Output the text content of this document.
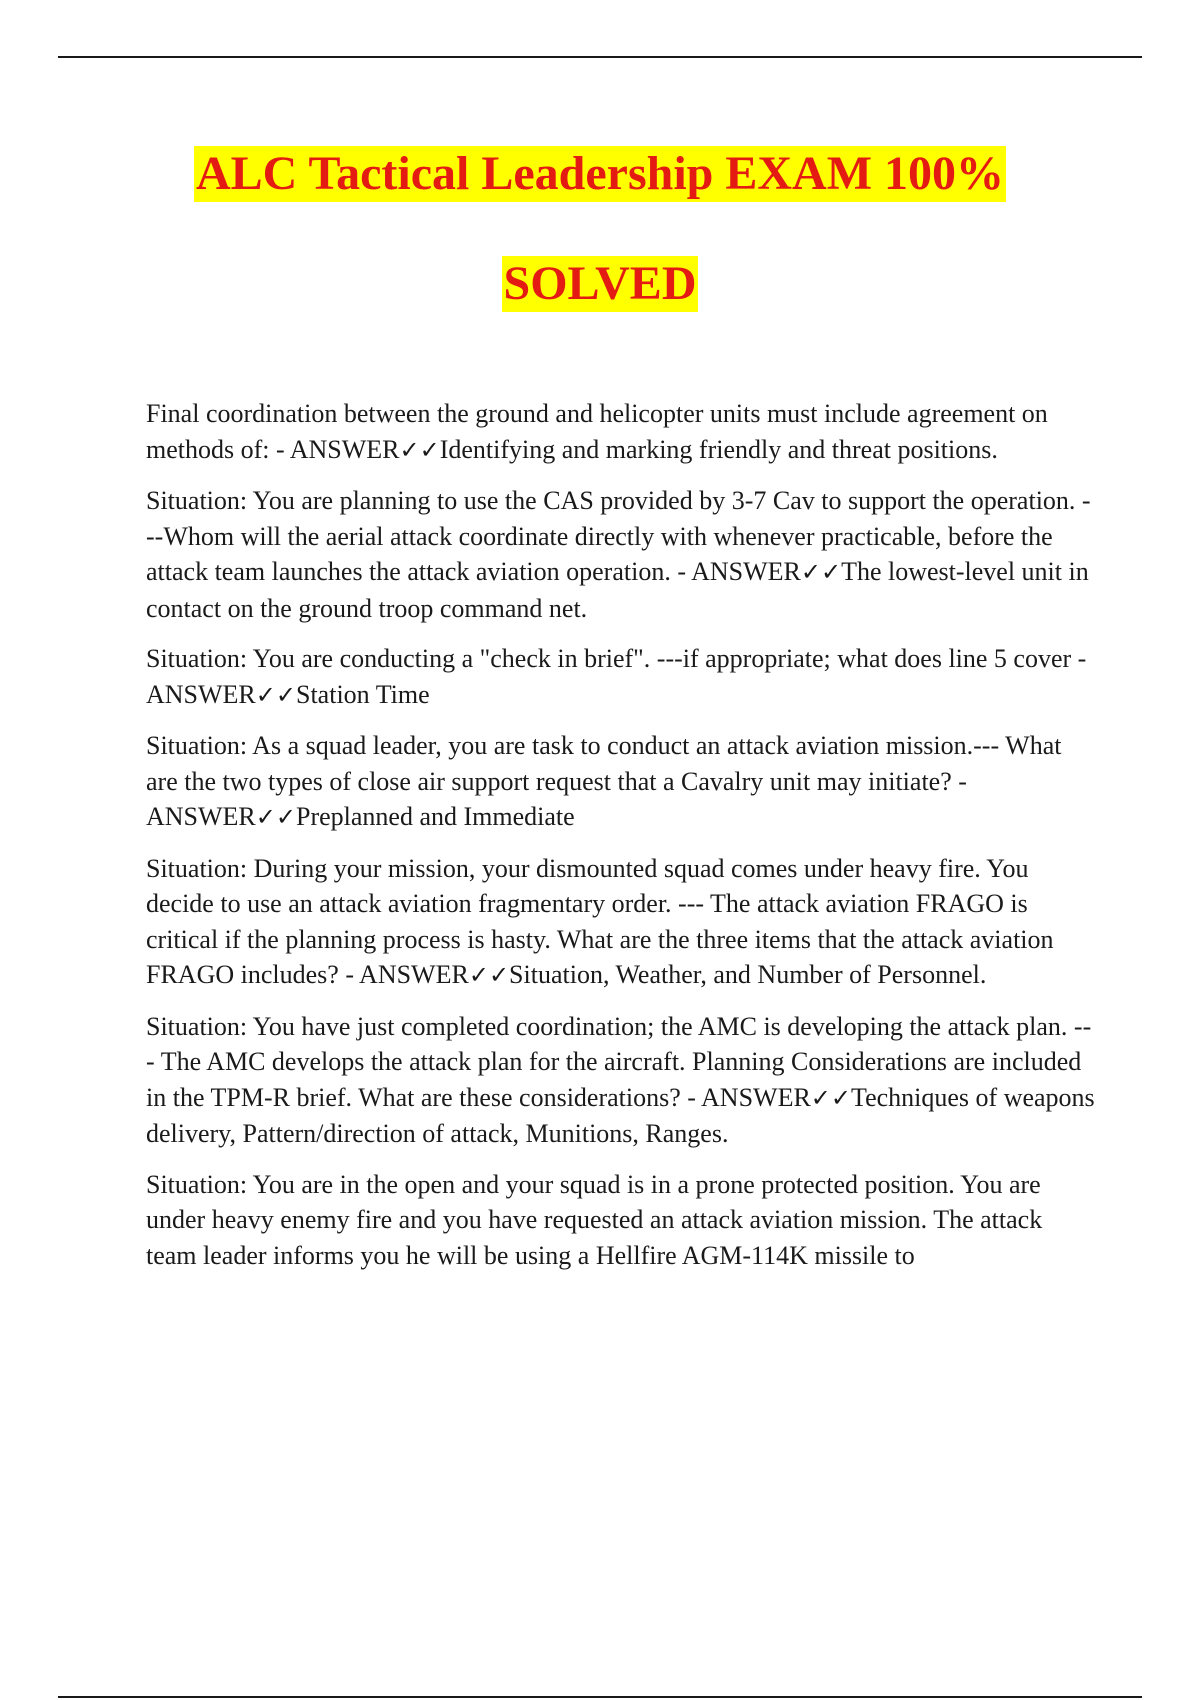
ALC Tactical Leadership EXAM 100%
SOLVED

Final coordination between the ground and helicopter units must include agreement on methods of: - ANSWER✓✓Identifying and marking friendly and threat positions.

Situation: You are planning to use the CAS provided by 3-7 Cav to support the operation. ---Whom will the aerial attack coordinate directly with whenever practicable, before the attack team launches the attack aviation operation. - ANSWER✓✓The lowest-level unit in contact on the ground troop command net.

Situation: You are conducting a "check in brief". ---if appropriate; what does line 5 cover - ANSWER✓✓Station Time

Situation: As a squad leader, you are task to conduct an attack aviation mission.--- What are the two types of close air support request that a Cavalry unit may initiate? - ANSWER✓✓Preplanned and Immediate

Situation: During your mission, your dismounted squad comes under heavy fire. You decide to use an attack aviation fragmentary order. --- The attack aviation FRAGO is critical if the planning process is hasty. What are the three items that the attack aviation FRAGO includes? - ANSWER✓✓Situation, Weather, and Number of Personnel.

Situation: You have just completed coordination; the AMC is developing the attack plan. --- The AMC develops the attack plan for the aircraft. Planning Considerations are included in the TPM-R brief. What are these considerations? - ANSWER✓✓Techniques of weapons delivery, Pattern/direction of attack, Munitions, Ranges.

Situation: You are in the open and your squad is in a prone protected position. You are under heavy enemy fire and you have requested an attack aviation mission. The attack team leader informs you he will be using a Hellfire AGM-114K missile to
